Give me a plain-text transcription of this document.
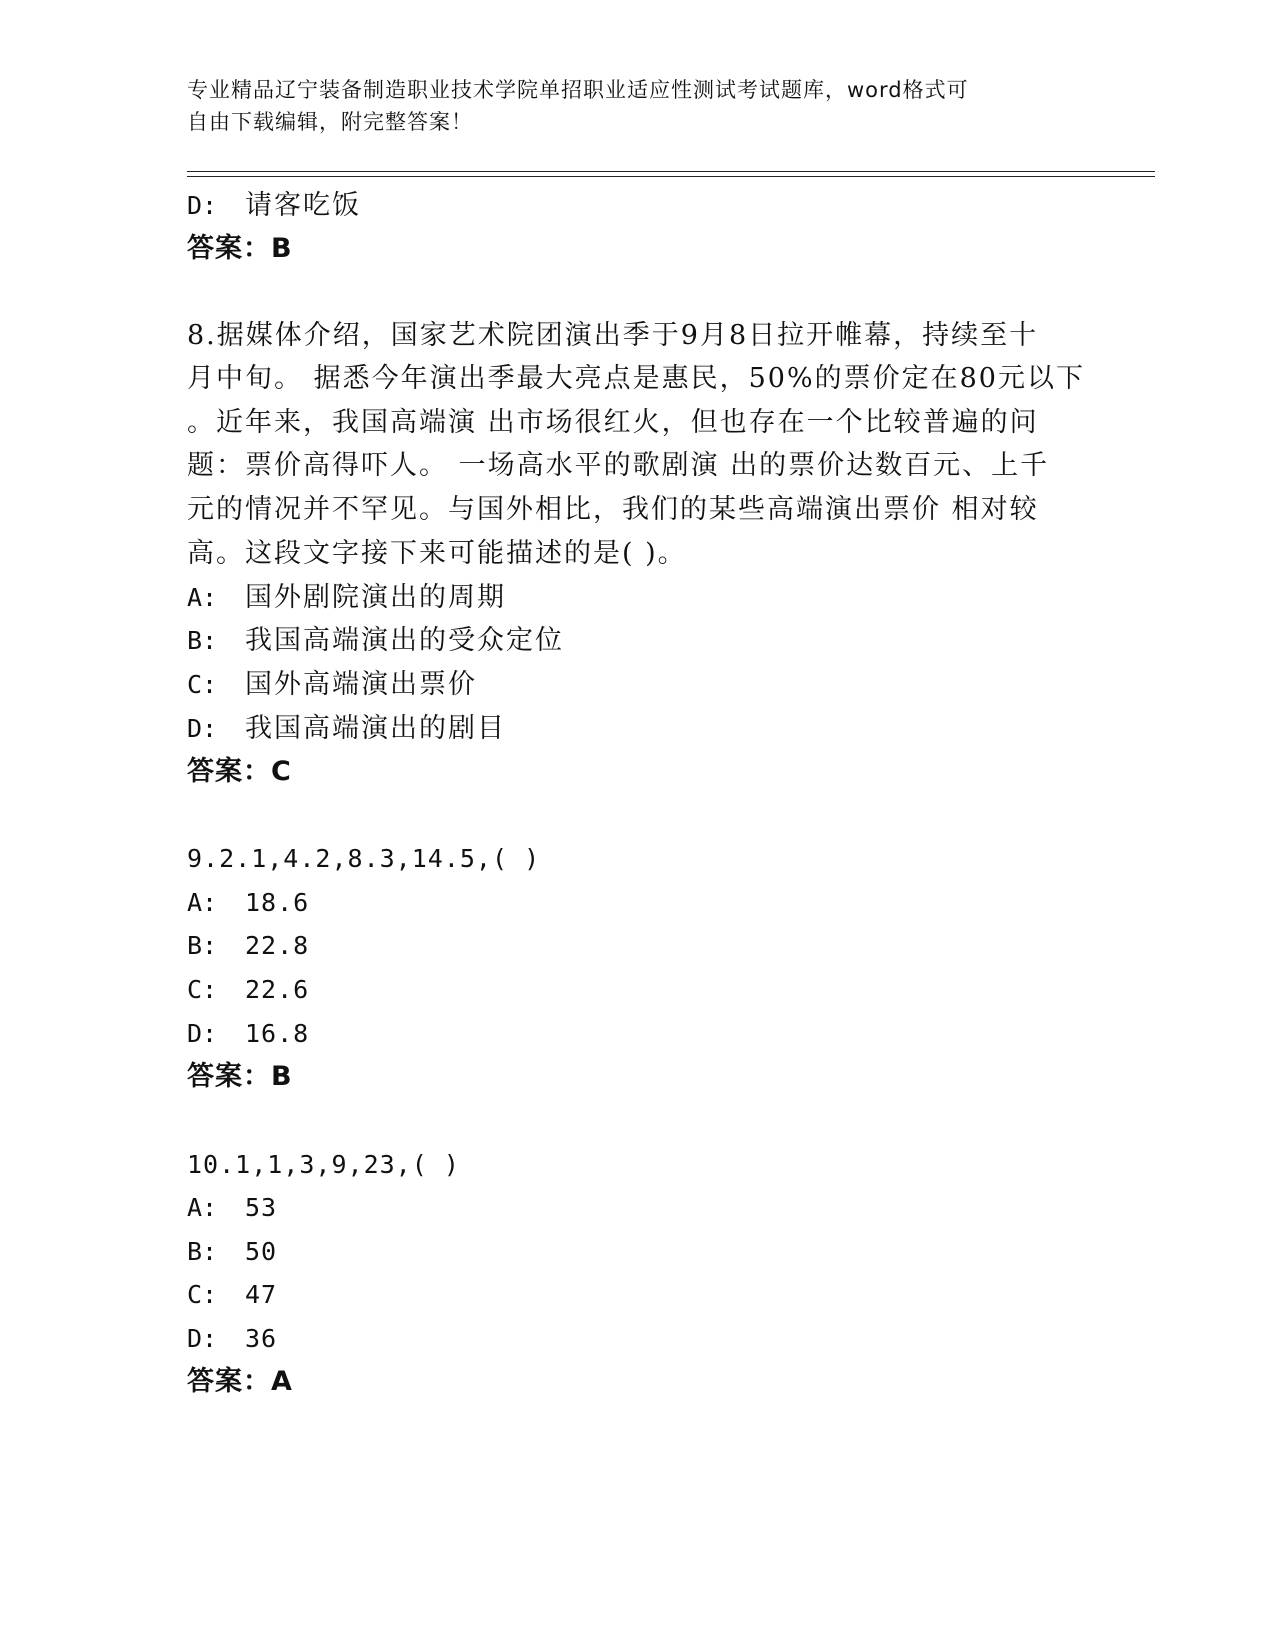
专业精品辽宁装备制造职业技术学院单招职业适应性测试考试题库，word格式可
自由下载编辑，附完整答案！
D: 请客吃饭
答案：B
8.据媒体介绍，国家艺术院团演出季于9月8日拉开帷幕，持续至十
月中旬。 据悉今年演出季最大亮点是惠民，50%的票价定在80元以下
。近年来，我国高端演 出市场很红火，但也存在一个比较普遍的问
题：票价高得吓人。 一场高水平的歌剧演 出的票价达数百元、上千
元的情况并不罕见。与国外相比，我们的某些高端演出票价 相对较
高。这段文字接下来可能描述的是( )。
A: 国外剧院演出的周期
B: 我国高端演出的受众定位
C: 国外高端演出票价
D: 我国高端演出的剧目
答案：C
9.2.1,4.2,8.3,14.5,( )
A: 18.6
B: 22.8
C: 22.6
D: 16.8
答案：B
10.1,1,3,9,23,( )
A: 53
B: 50
C: 47
D: 36
答案：A
